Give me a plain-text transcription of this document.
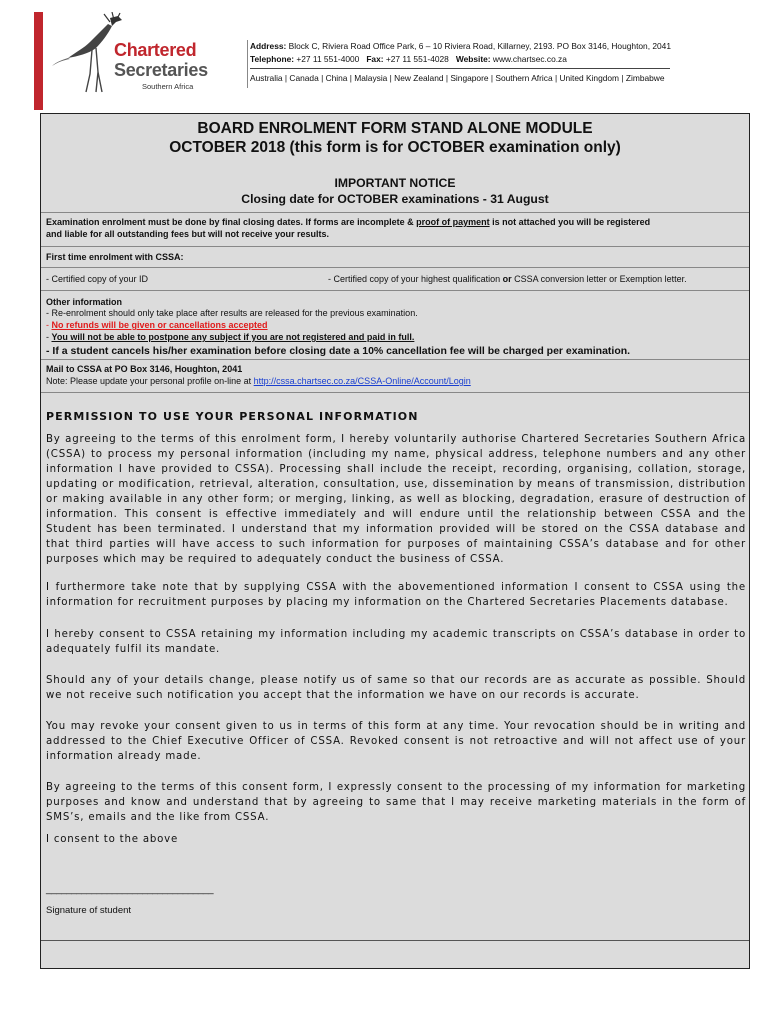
Chartered
Secretaries
Southern Africa
Address: Block C, Riviera Road Office Park, 6 – 10 Riviera Road, Killarney, 2193. PO Box 3146, Houghton, 2041
Telephone: +27 11 551-4000 Fax: +27 11 551-4028 Website: www.chartsec.co.za
Australia | Canada | China | Malaysia | New Zealand | Singapore | Southern Africa | United Kingdom | Zimbabwe
BOARD ENROLMENT FORM STAND ALONE MODULE
OCTOBER 2018 (this form is for OCTOBER examination only)
IMPORTANT NOTICE
Closing date for OCTOBER examinations - 31 August
Examination enrolment must be done by final closing dates. If forms are incomplete & proof of payment is not attached you will be registered
and liable for all outstanding fees but will not receive your results.
First time enrolment with CSSA:
- Certified copy of your ID	- Certified copy of your highest qualification or CSSA conversion letter or Exemption letter.
Other information
- Re-enrolment should only take place after results are released for the previous examination.
- No refunds will be given or cancellations accepted
- You will not be able to postpone any subject if you are not registered and paid in full.
- If a student cancels his/her examination before closing date a 10% cancellation fee will be charged per examination.
Mail to CSSA at PO Box 3146, Houghton, 2041
Note: Please update your personal profile on-line at http://cssa.chartsec.co.za/CSSA-Online/Account/Login
PERMISSION TO USE YOUR PERSONAL INFORMATION
By agreeing to the terms of this enrolment form, I hereby voluntarily authorise Chartered Secretaries Southern Africa (CSSA) to process my personal information (including my name, physical address, telephone numbers and any other information I have provided to CSSA). Processing shall include the receipt, recording, organising, collation, storage, updating or modification, retrieval, alteration, consultation, use, dissemination by means of transmission, distribution or making available in any other form; or merging, linking, as well as blocking, degradation, erasure of destruction of information. This consent is effective immediately and will endure until the relationship between CSSA and the Student has been terminated. I understand that my information provided will be stored on the CSSA database and that third parties will have access to such information for purposes of maintaining CSSA’s database and for other purposes which may be required to adequately conduct the business of CSSA.
I furthermore take note that by supplying CSSA with the abovementioned information I consent to CSSA using the information for recruitment purposes by placing my information on the Chartered Secretaries Placements database.
I hereby consent to CSSA retaining my information including my academic transcripts on CSSA’s database in order to adequately fulfil its mandate.
Should any of your details change, please notify us of same so that our records are as accurate as possible. Should we not receive such notification you accept that the information we have on our records is accurate.
You may revoke your consent given to us in terms of this form at any time. Your revocation should be in writing and addressed to the Chief Executive Officer of CSSA. Revoked consent is not retroactive and will not affect use of your information already made.
By agreeing to the terms of this consent form, I expressly consent to the processing of my information for marketing purposes and know and understand that by agreeing to same that I may receive marketing materials in the form of SMS’s, emails and the like from CSSA.
I consent to the above
_________________________________
Signature of student
